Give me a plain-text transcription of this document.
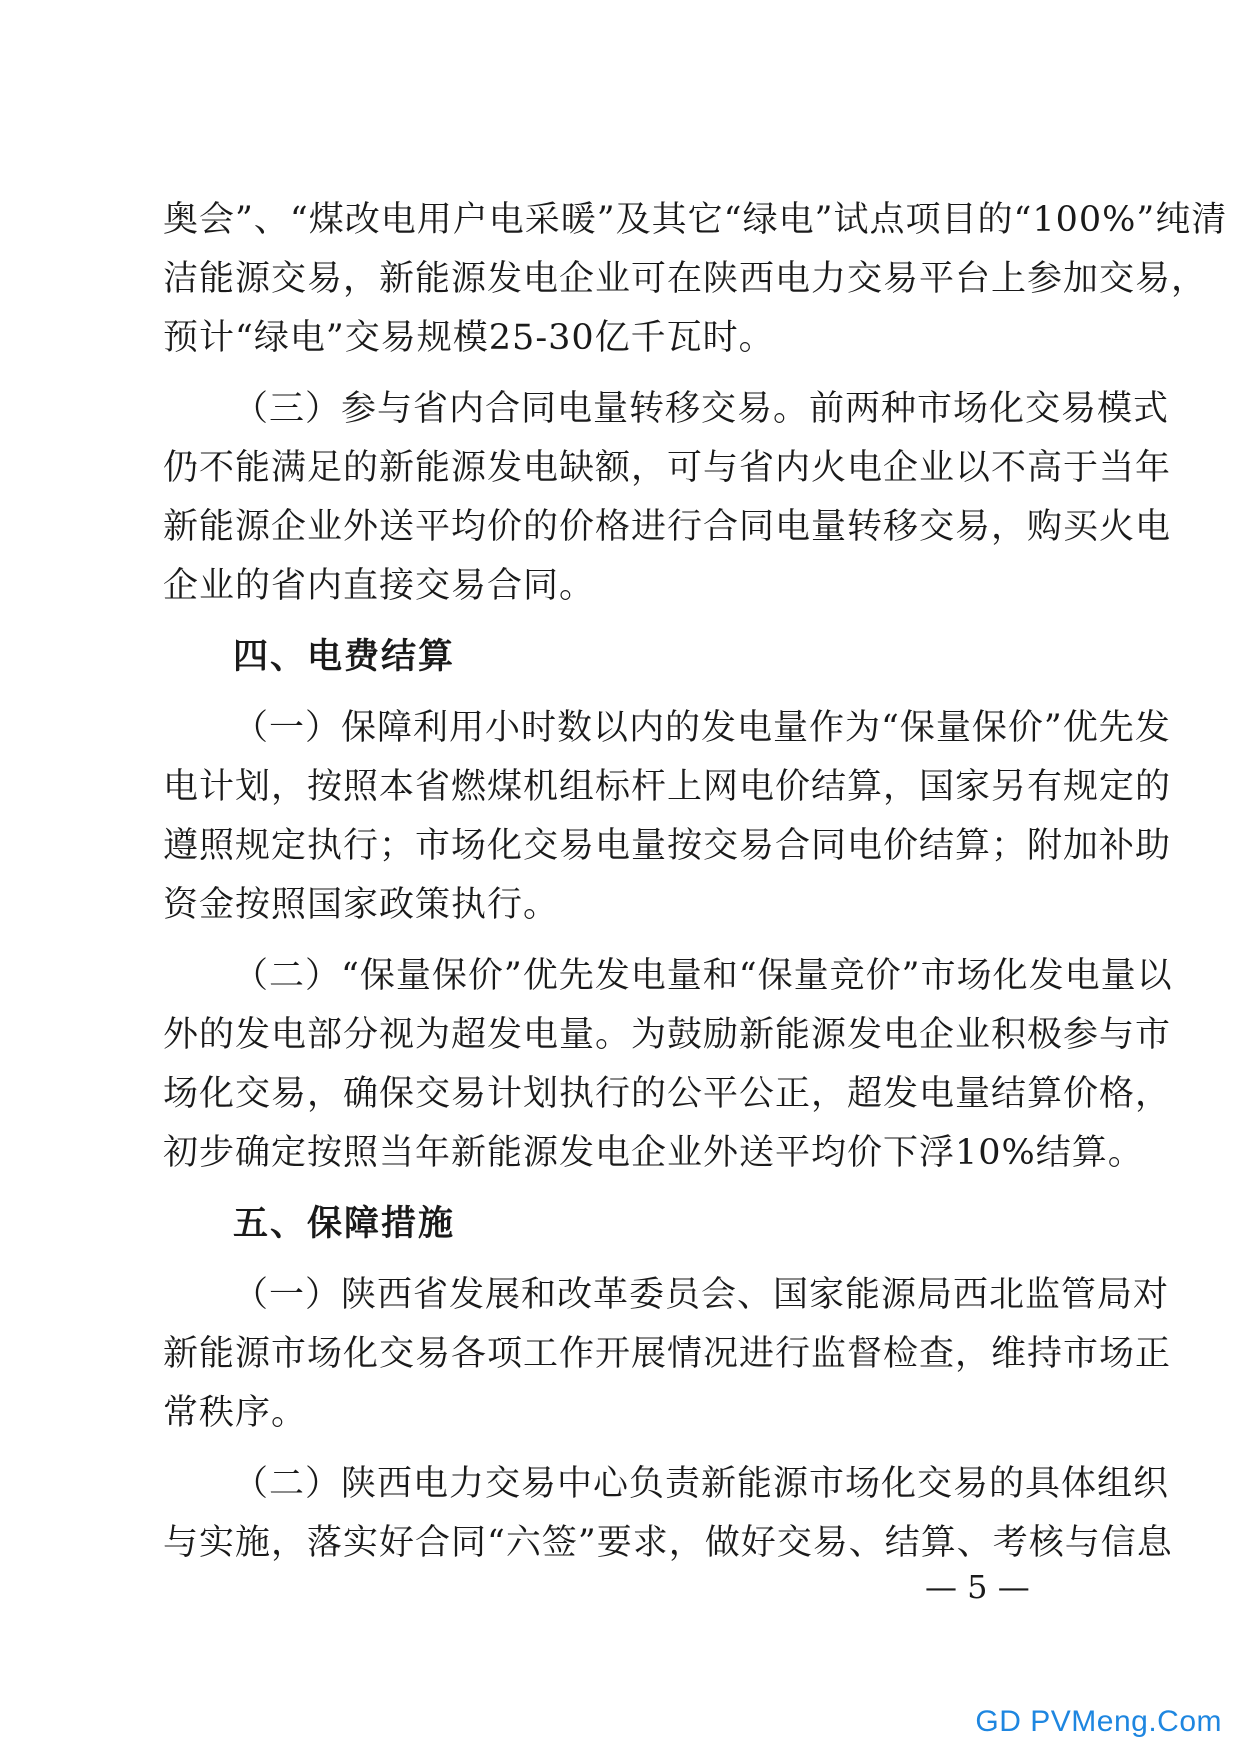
奥会”、“煤改电用户电采暖”及其它“绿电”试点项目的“100%”纯清
洁能源交易，新能源发电企业可在陕西电力交易平台上参加交易，
预计“绿电”交易规模25-30亿千瓦时。
（三）参与省内合同电量转移交易。前两种市场化交易模式
仍不能满足的新能源发电缺额，可与省内火电企业以不高于当年
新能源企业外送平均价的价格进行合同电量转移交易，购买火电
企业的省内直接交易合同。
四、电费结算
（一）保障利用小时数以内的发电量作为“保量保价”优先发
电计划，按照本省燃煤机组标杆上网电价结算，国家另有规定的
遵照规定执行；市场化交易电量按交易合同电价结算；附加补助
资金按照国家政策执行。
（二）“保量保价”优先发电量和“保量竞价”市场化发电量以
外的发电部分视为超发电量。为鼓励新能源发电企业积极参与市
场化交易，确保交易计划执行的公平公正，超发电量结算价格，
初步确定按照当年新能源发电企业外送平均价下浮10%结算。
五、保障措施
（一）陕西省发展和改革委员会、国家能源局西北监管局对
新能源市场化交易各项工作开展情况进行监督检查，维持市场正
常秩序。
（二）陕西电力交易中心负责新能源市场化交易的具体组织
与实施，落实好合同“六签”要求，做好交易、结算、考核与信息
— 5 —
GD PVMeng.Com
